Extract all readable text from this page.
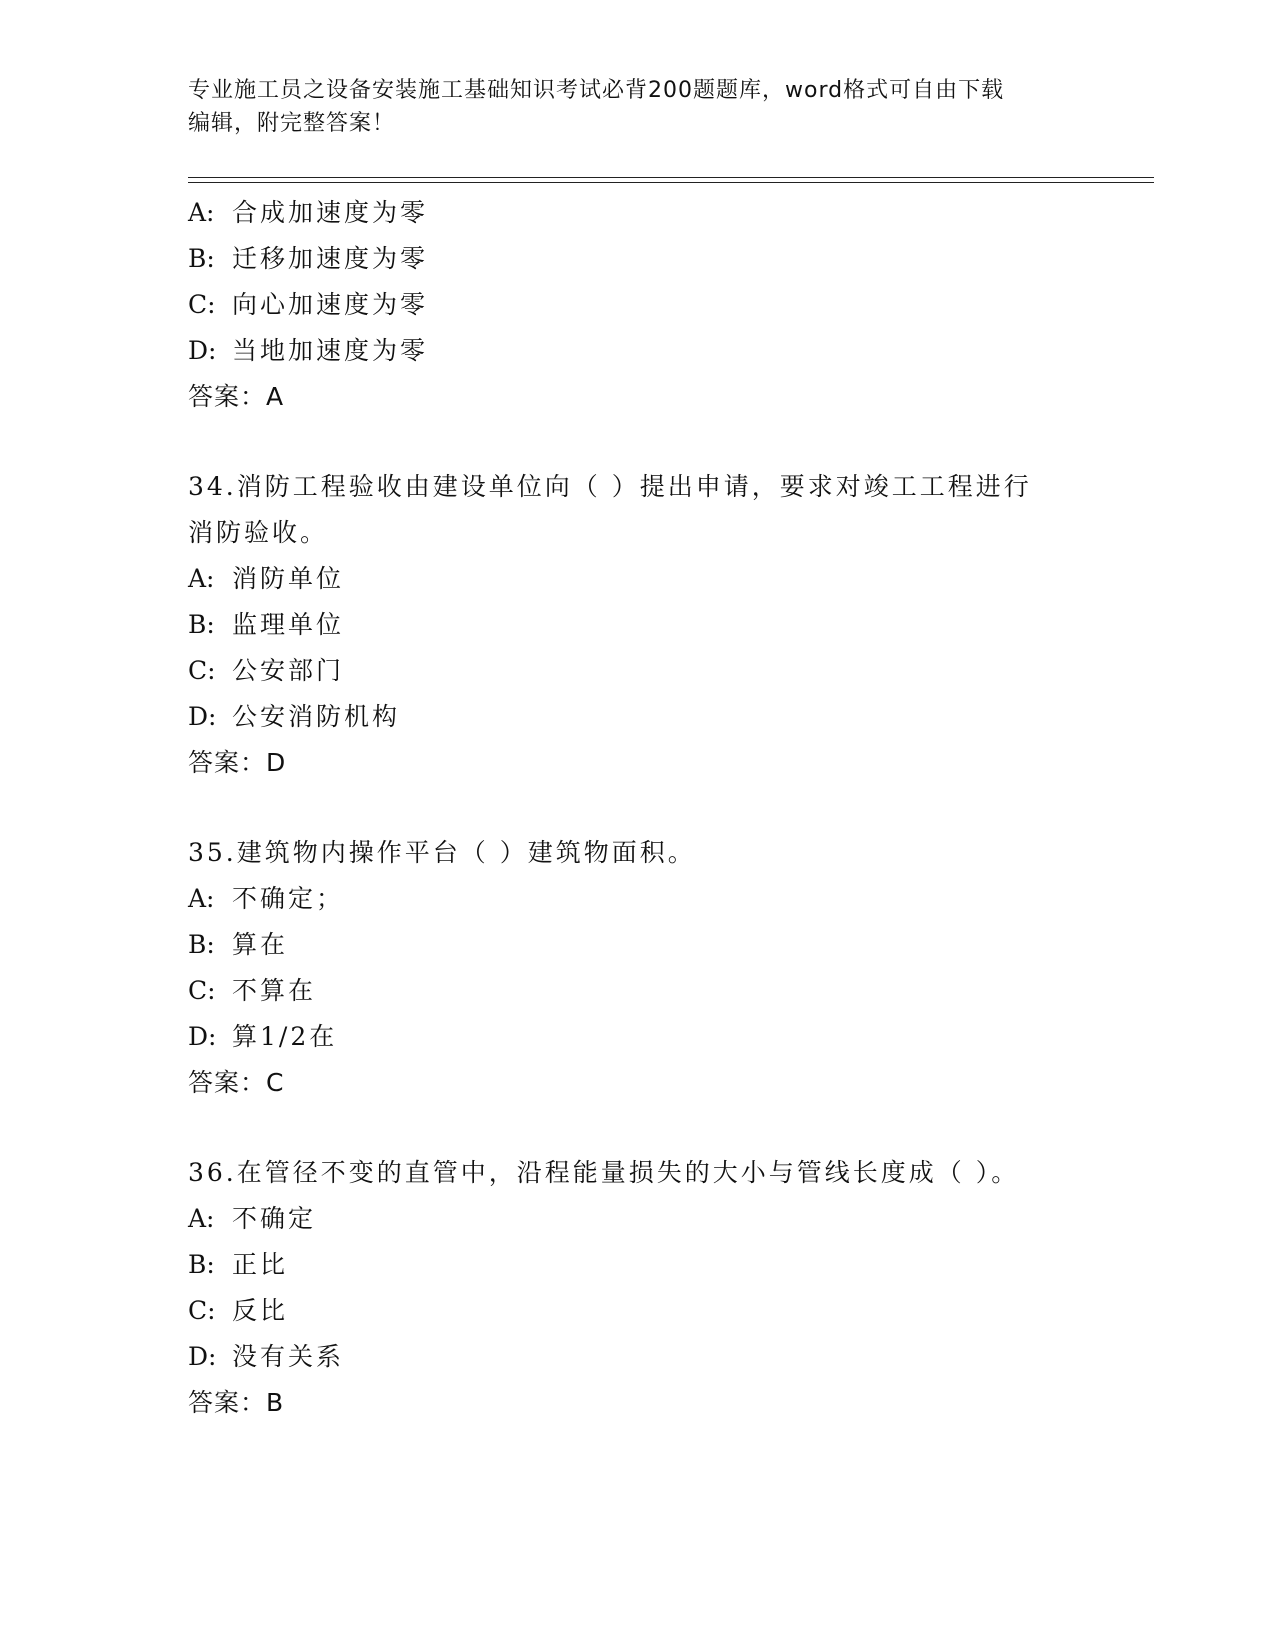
专业施工员之设备安装施工基础知识考试必背200题题库，word格式可自由下载
编辑，附完整答案！
A: 合成加速度为零
B: 迁移加速度为零
C: 向心加速度为零
D: 当地加速度为零
答案：A
34.消防工程验收由建设单位向（ ）提出申请，要求对竣工工程进行
消防验收。
A: 消防单位
B: 监理单位
C: 公安部门
D: 公安消防机构
答案：D
35.建筑物内操作平台（ ）建筑物面积。
A: 不确定；
B: 算在
C: 不算在
D: 算1/2在
答案：C
36.在管径不变的直管中，沿程能量损失的大小与管线长度成（ ）。
A: 不确定
B: 正比
C: 反比
D: 没有关系
答案：B
